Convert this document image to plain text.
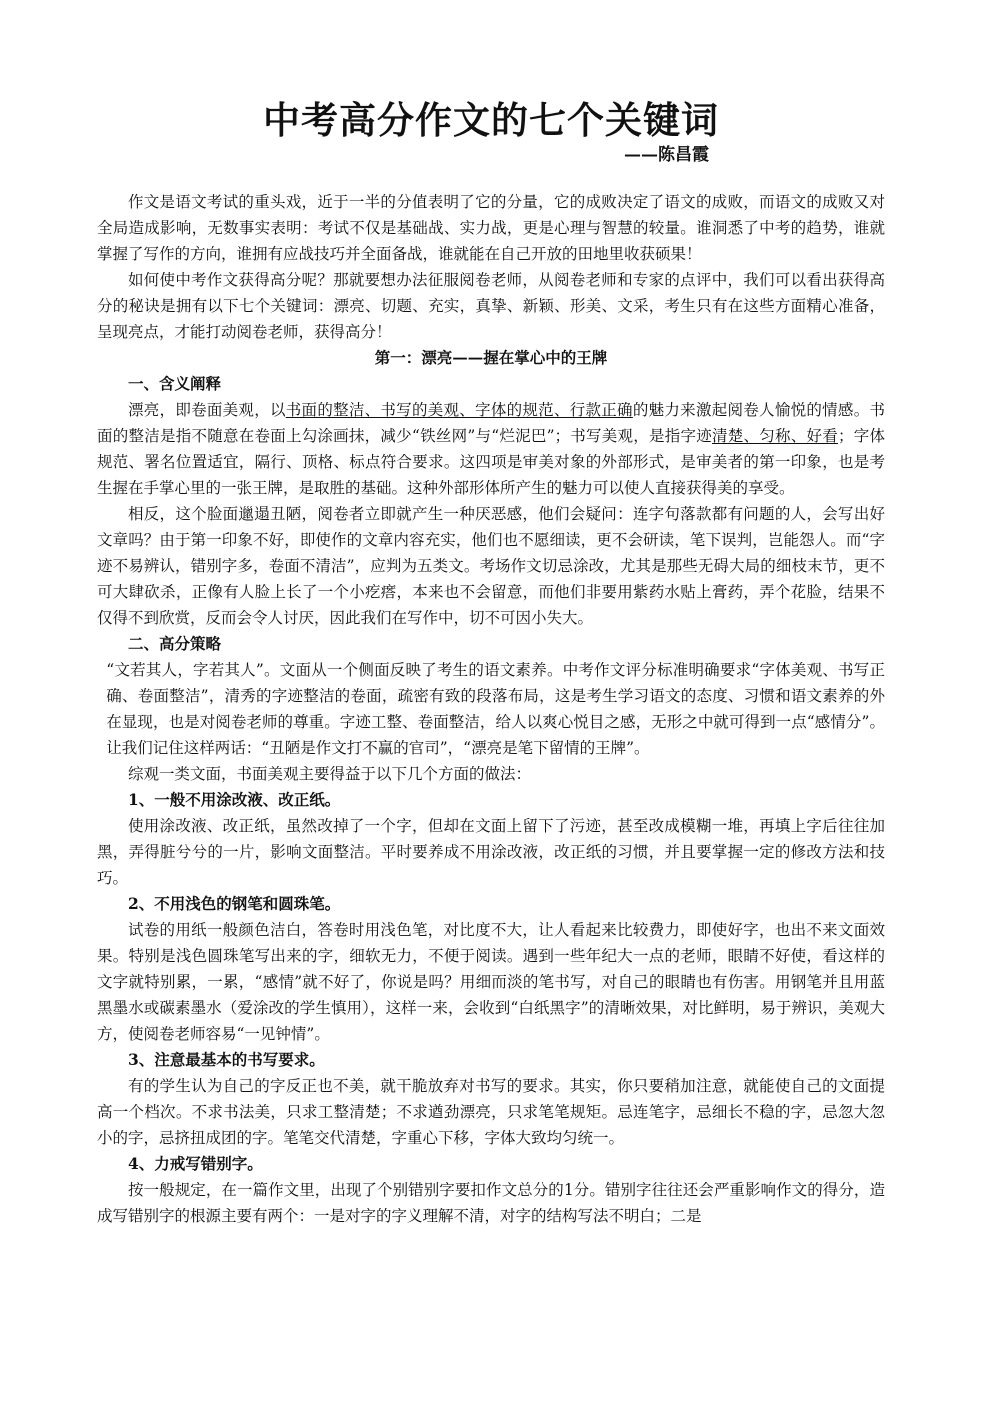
中考高分作文的七个关键词
——陈昌霞

作文是语文考试的重头戏，近于一半的分值表明了它的分量，它的成败决定了语文的成败，而语文的成败又对全局造成影响，无数事实表明：考试不仅是基础战、实力战，更是心理与智慧的较量。谁洞悉了中考的趋势，谁就掌握了写作的方向，谁拥有应战技巧并全面备战，谁就能在自己开放的田地里收获硕果！

如何使中考作文获得高分呢？那就要想办法征服阅卷老师，从阅卷老师和专家的点评中，我们可以看出获得高分的秘诀是拥有以下七个关键词：漂亮、切题、充实，真挚、新颖、形美、文采，考生只有在这些方面精心准备，呈现亮点，才能打动阅卷老师，获得高分！

第一：漂亮——握在掌心中的王牌

一、含义阐释

漂亮，即卷面美观，以书面的整洁、书写的美观、字体的规范、行款正确的魅力来激起阅卷人愉悦的情感。书面的整洁是指不随意在卷面上勾涂画抹，减少“铁丝网”与“烂泥巴”；书写美观，是指字迹清楚、匀称、好看；字体规范、署名位置适宜，隔行、顶格、标点符合要求。这四项是审美对象的外部形式，是审美者的第一印象，也是考生握在手掌心里的一张王牌，是取胜的基础。这种外部形体所产生的魅力可以使人直接获得美的享受。

相反，这个脸面邋遢丑陋，阅卷者立即就产生一种厌恶感，他们会疑问：连字句落款都有问题的人，会写出好文章吗？由于第一印象不好，即使作的文章内容充实，他们也不愿细读，更不会研读，笔下误判，岂能怨人。而“字迹不易辨认，错别字多，卷面不清洁”，应判为五类文。考场作文切忌涂改，尤其是那些无碍大局的细枝末节，更不可大肆砍杀，正像有人脸上长了一个小疙瘩，本来也不会留意，而他们非要用紫药水贴上膏药，弄个花脸，结果不仅得不到欣赏，反而会令人讨厌，因此我们在写作中，切不可因小失大。

二、高分策略

“文若其人，字若其人”。文面从一个侧面反映了考生的语文素养。中考作文评分标准明确要求“字体美观、书写正确、卷面整洁”，清秀的字迹整洁的卷面，疏密有致的段落布局，这是考生学习语文的态度、习惯和语文素养的外在显现，也是对阅卷老师的尊重。字迹工整、卷面整洁，给人以爽心悦目之感，无形之中就可得到一点“感情分”。让我们记住这样两话：“丑陋是作文打不赢的官司”，“漂亮是笔下留情的王牌”。

综观一类文面，书面美观主要得益于以下几个方面的做法：

1、一般不用涂改液、改正纸。

使用涂改液、改正纸，虽然改掉了一个字，但却在文面上留下了污迹，甚至改成模糊一堆，再填上字后往往加黑，弄得脏兮兮的一片，影响文面整洁。平时要养成不用涂改液，改正纸的习惯，并且要掌握一定的修改方法和技巧。

2、不用浅色的钢笔和圆珠笔。

试卷的用纸一般颜色洁白，答卷时用浅色笔，对比度不大，让人看起来比较费力，即使好字，也出不来文面效果。特别是浅色圆珠笔写出来的字，细软无力，不便于阅读。遇到一些年纪大一点的老师，眼睛不好使，看这样的文字就特别累，一累，“感情”就不好了，你说是吗？用细而淡的笔书写，对自己的眼睛也有伤害。用钢笔并且用蓝黑墨水或碳素墨水（爱涂改的学生慎用），这样一来，会收到“白纸黑字”的清晰效果，对比鲜明，易于辨识，美观大方，使阅卷老师容易“一见钟情”。

3、注意最基本的书写要求。

有的学生认为自己的字反正也不美，就干脆放弃对书写的要求。其实，你只要稍加注意，就能使自己的文面提高一个档次。不求书法美，只求工整清楚；不求遒劲漂亮，只求笔笔规矩。忌连笔字，忌细长不稳的字，忌忽大忽小的字，忌挤扭成团的字。笔笔交代清楚，字重心下移，字体大致均匀统一。

4、力戒写错别字。

按一般规定，在一篇作文里，出现了个别错别字要扣作文总分的1分。错别字往往还会严重影响作文的得分，造成写错别字的根源主要有两个：一是对字的字义理解不清，对字的结构写法不明白；二是
